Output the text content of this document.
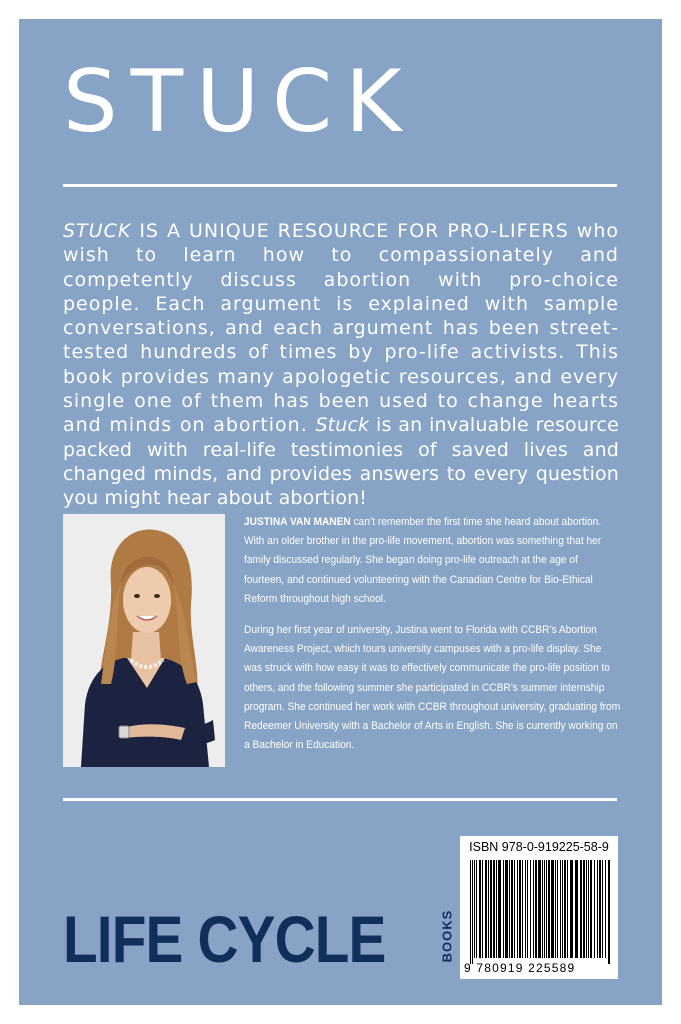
STUCK
STUCK IS A UNIQUE RESOURCE FOR PRO-LIFERS who wish to learn how to compassionately and competently discuss abortion with pro-choice people. Each argument is explained with sample conversations, and each argument has been street-tested hundreds of times by pro-life activists. This book provides many apologetic resources, and every single one of them has been used to change hearts and minds on abortion. Stuck is an invaluable resource packed with real-life testimonies of saved lives and changed minds, and provides answers to every question you might hear about abortion!

JUSTINA VAN MANEN can’t remember the first time she heard about abortion. With an older brother in the pro-life movement, abortion was something that her family discussed regularly. She began doing pro-life outreach at the age of fourteen, and continued volunteering with the Canadian Centre for Bio-Ethical Reform throughout high school.

During her first year of university, Justina went to Florida with CCBR’s Abortion Awareness Project, which tours university campuses with a pro-life display. She was struck with how easy it was to effectively communicate the pro-life position to others, and the following summer she participated in CCBR’s summer internship program. She continued her work with CCBR throughout university, graduating from Redeemer University with a Bachelor of Arts in English. She is currently working on a Bachelor in Education.

LIFE CYCLE	BOOKS
ISBN 978-0-919225-58-9
9 780919 225589
